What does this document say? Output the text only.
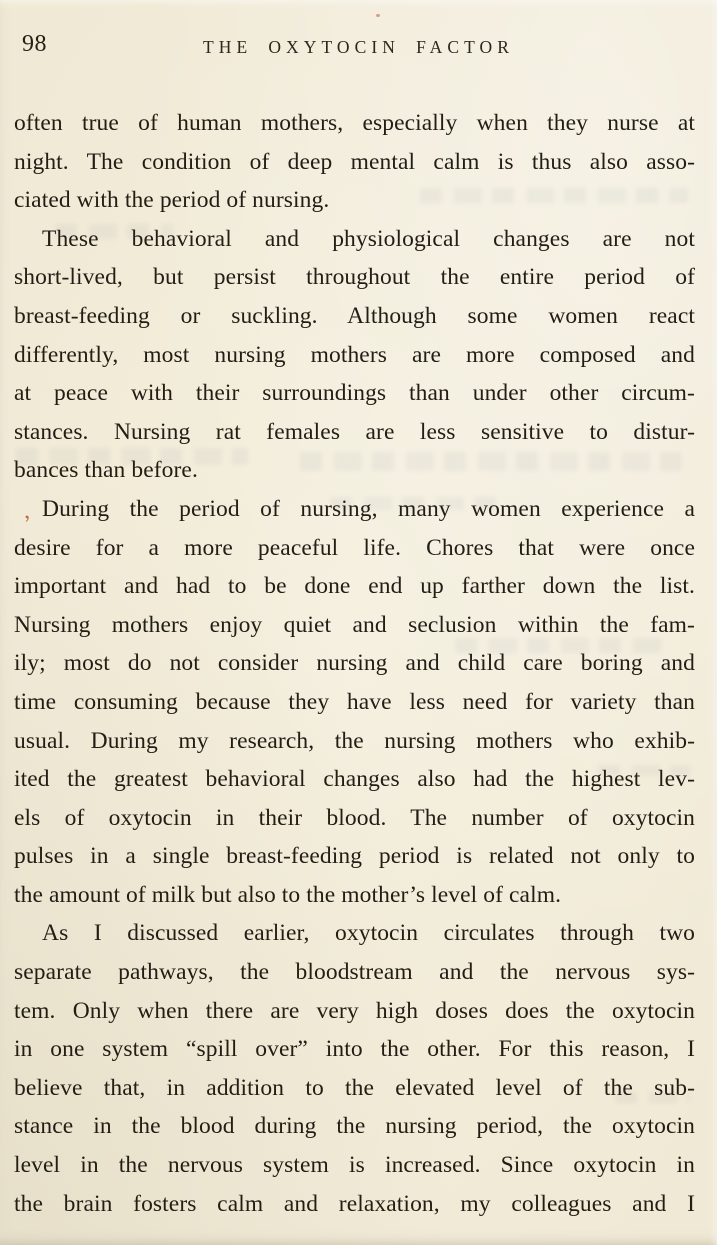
98	THE OXYTOCIN FACTOR
often true of human mothers, especially when they nurse at
night. The condition of deep mental calm is thus also asso-
ciated with the period of nursing.
These behavioral and physiological changes are not
short-lived, but persist throughout the entire period of
breast-feeding or suckling. Although some women react
differently, most nursing mothers are more composed and
at peace with their surroundings than under other circum-
stances. Nursing rat females are less sensitive to distur-
bances than before.
During the period of nursing, many women experience a
desire for a more peaceful life. Chores that were once
important and had to be done end up farther down the list.
Nursing mothers enjoy quiet and seclusion within the fam-
ily; most do not consider nursing and child care boring and
time consuming because they have less need for variety than
usual. During my research, the nursing mothers who exhib-
ited the greatest behavioral changes also had the highest lev-
els of oxytocin in their blood. The number of oxytocin
pulses in a single breast-feeding period is related not only to
the amount of milk but also to the mother’s level of calm.
As I discussed earlier, oxytocin circulates through two
separate pathways, the bloodstream and the nervous sys-
tem. Only when there are very high doses does the oxytocin
in one system “spill over” into the other. For this reason, I
believe that, in addition to the elevated level of the sub-
stance in the blood during the nursing period, the oxytocin
level in the nervous system is increased. Since oxytocin in
the brain fosters calm and relaxation, my colleagues and I
,
